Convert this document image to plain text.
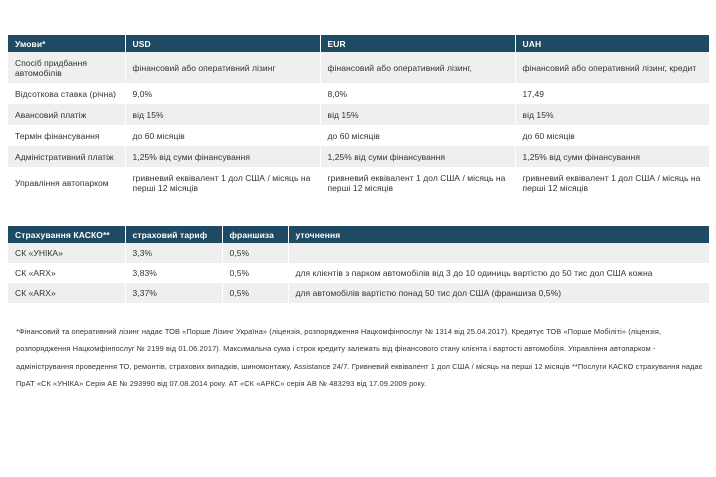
Умови*	USD	EUR	UAH
Спосіб придбання автомобілів	фінансовий або оперативний лізинг	фінансовий або оперативний лізинг,	фінансовий або оперативний лізинг, кредит
Відсоткова ставка (річна)	9,0%	8,0%	17,49
Авансовий платіж	від 15%	від 15%	від 15%
Термін фінансування	до 60 місяців	до 60 місяців	до 60 місяців
Адміністративний платіж	1,25% від суми фінансування	1,25% від суми фінансування	1,25% від суми фінансування
Управління автопарком	гривневий еквівалент 1 дол США / місяць на перші 12 місяців	гривневий еквівалент 1 дол США / місяць на перші 12 місяців	гривневий еквівалент 1 дол США / місяць на перші 12 місяців
Страхування КАСКО**	страховий тариф	франшиза	уточнення
СК «УНІКА»	3,3%	0,5%	
СК «ARX»	3,83%	0,5%	для клієнтів з парком автомобілів від 3 до 10 одиниць вартістю до 50 тис дол США кожна
СК «ARX»	3,37%	0,5%	для автомобілів вартістю понад 50 тис дол США (франшиза 0,5%)
*Фінансовий та оперативний лізинг надає ТОВ «Порше Лізинг Україна» (ліцензія, розпорядження Нацкомфінпослуг № 1314 від 25.04.2017). Кредитує ТОВ «Порше Мобіліті» (ліцензія, розпорядження Нацкомфінпослуг № 2199 від 01.06.2017). Максимальна сума і строк кредиту залежать від фінансового стану клієнта і вартості автомобіля. Управління автопарком - адміністрування проведення ТО, ремонтів, страхових випадків, шиномонтажу, Assistance 24/7. Гривневий еквівалент 1 дол США / місяць на перші 12 місяців **Послуги КАСКО страхування надає ПрАТ «СК «УНІКА» Серія АЕ № 293990 від 07.08.2014 року. АТ «СК «АРКС» серія АВ № 483293 від 17.09.2009 року.
